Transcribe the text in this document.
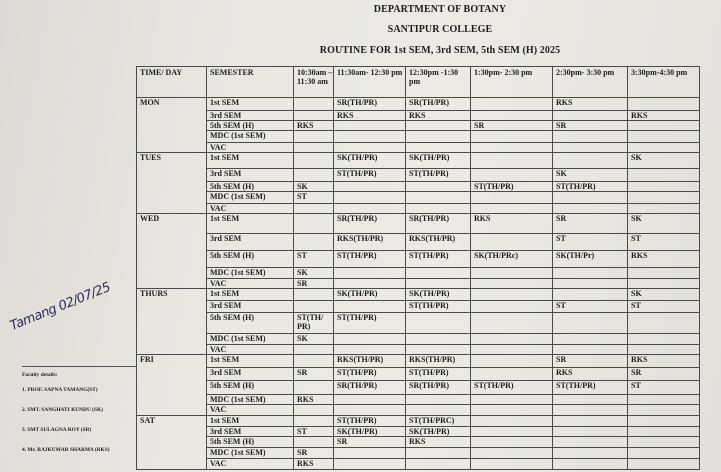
DEPARTMENT OF BOTANY
SANTIPUR COLLEGE
ROUTINE FOR 1st SEM, 3rd SEM, 5th SEM (H) 2025
TIME/ DAY	SEMESTER	10:30am – 11:30 am	11:30am- 12:30 pm	12:30pm -1:30 pm	1:30pm- 2:30 pm	2:30pm- 3:30 pm	3:30pm-4:30 pm
MON	1st SEM		SR(TH/PR)	SR(TH/PR)		RKS	
	3rd SEM		RKS	RKS			RKS
	5th SEM (H)	RKS			SR	SR	
	MDC (1st SEM)						
	VAC						
TUES	1st SEM		SK(TH/PR)	SK(TH/PR)			SK
	3rd SEM		ST(TH/PR)	ST(TH/PR)		SK	
	5th SEM (H)	SK			ST(TH/PR)	ST(TH/PR)	
	MDC (1st SEM)	ST					
	VAC						
WED	1st SEM		SR(TH/PR)	SR(TH/PR)	RKS	SR	SK
	3rd SEM		RKS(TH/PR)	RKS(TH/PR)		ST	ST
	5th SEM (H)	ST	ST(TH/PR)	ST(TH/PR)	SK(TH/PRc)	SK(TH/Pr)	RKS
	MDC (1st SEM)	SK					
	VAC	SR					
THURS	1st SEM		SK(TH/PR)	SK(TH/PR)			SK
	3rd SEM			ST(TH/PR)		ST	ST
	5th SEM (H)	ST(TH/ PR)	ST(TH/PR)				
	MDC (1st SEM)	SK					
	VAC						
FRI	1st SEM		RKS(TH/PR)	RKS(TH/PR)		SR	RKS
	3rd SEM	SR	ST(TH/PR)	ST(TH/PR)		RKS	SR
	5th SEM (H)		SR(TH/PR)	SR(TH/PR)	ST(TH/PR)	ST(TH/PR)	ST
	MDC (1st SEM)	RKS					
	VAC						
SAT	1st SEM		ST(TH/PR)	ST(TH/PRC)			
	3rd SEM	ST	SK(TH/PR)	SK(TH/PR)			
	5th SEM (H)		SR	RKS			
	MDC (1st SEM)	SR					
	VAC	RKS					
Tamang 02/07/25
Faculty details:
1. PROF. SAPNA TAMANG(ST)
2. SMT. SANGHATI KUNDU (SK)
3. SMT SULAGNA ROY (SR)
4. Mr. RAJKUMAR SHARMA (RKS)
